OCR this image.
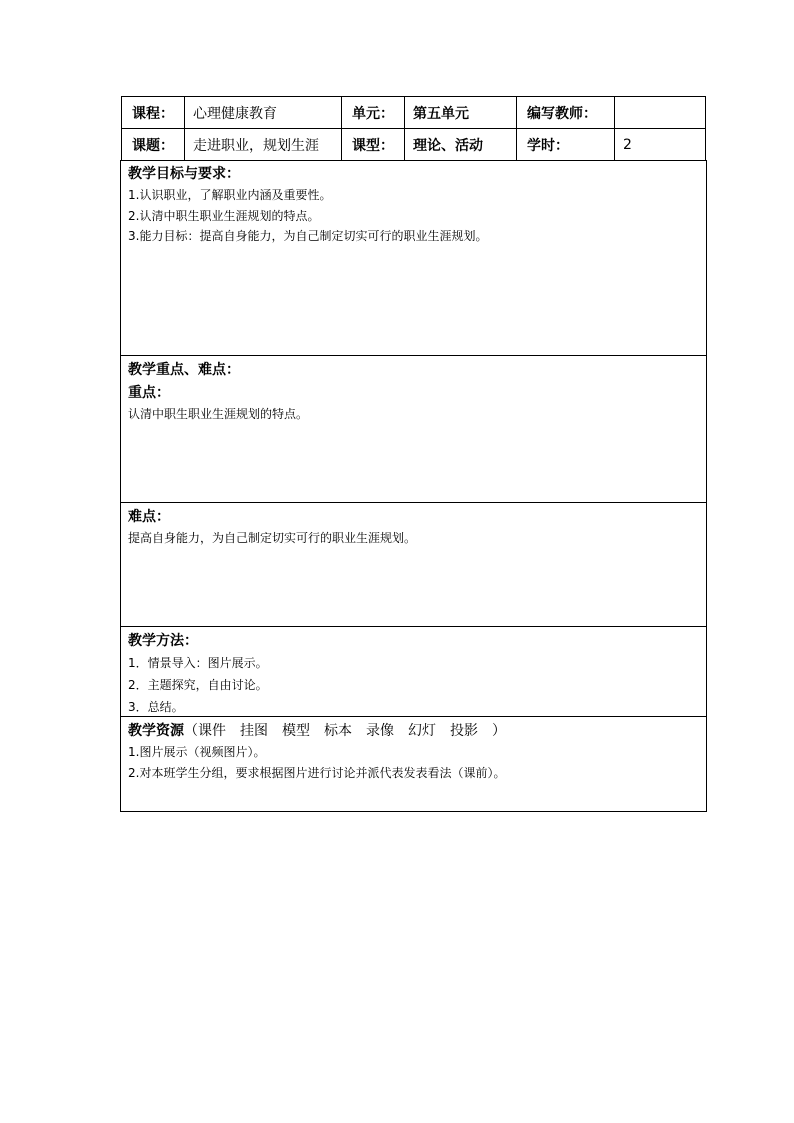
课程：	心理健康教育	单元：	第五单元	编写教师：	
课题：	走进职业，规划生涯	课型：	理论、活动	学时：	2
教学目标与要求：
1.认识职业，了解职业内涵及重要性。
2.认清中职生职业生涯规划的特点。
3.能力目标：提高自身能力，为自己制定切实可行的职业生涯规划。
教学重点、难点：
重点：
认清中职生职业生涯规划的特点。
难点：
提高自身能力，为自己制定切实可行的职业生涯规划。
教学方法：
1．情景导入：图片展示。
2．主题探究，自由讨论。
3．总结。
教学资源（课件　挂图　模型　标本　录像　幻灯　投影　）
1.图片展示（视频图片）。
2.对本班学生分组，要求根据图片进行讨论并派代表发表看法（课前）。
